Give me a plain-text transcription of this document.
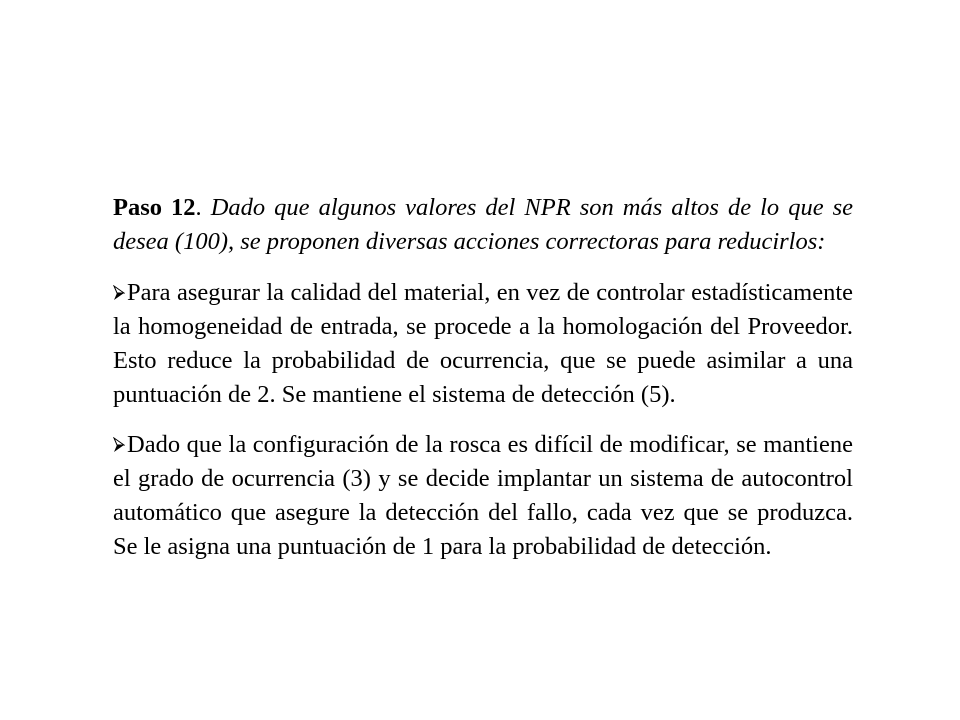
Paso 12. Dado que algunos valores del NPR son más altos de lo que se desea (100), se proponen diversas acciones correctoras para reducirlos:

Para asegurar la calidad del material, en vez de controlar estadísticamente la homogeneidad de entrada, se procede a la homologación del Proveedor. Esto reduce la probabilidad de ocurrencia, que se puede asimilar a una puntuación de 2. Se mantiene el sistema de detección (5).

Dado que la configuración de la rosca es difícil de modificar, se mantiene el grado de ocurrencia (3) y se decide implantar un sistema de autocontrol automático que asegure la detección del fallo, cada vez que se produzca. Se le asigna una puntuación de 1 para la probabilidad de detección.
